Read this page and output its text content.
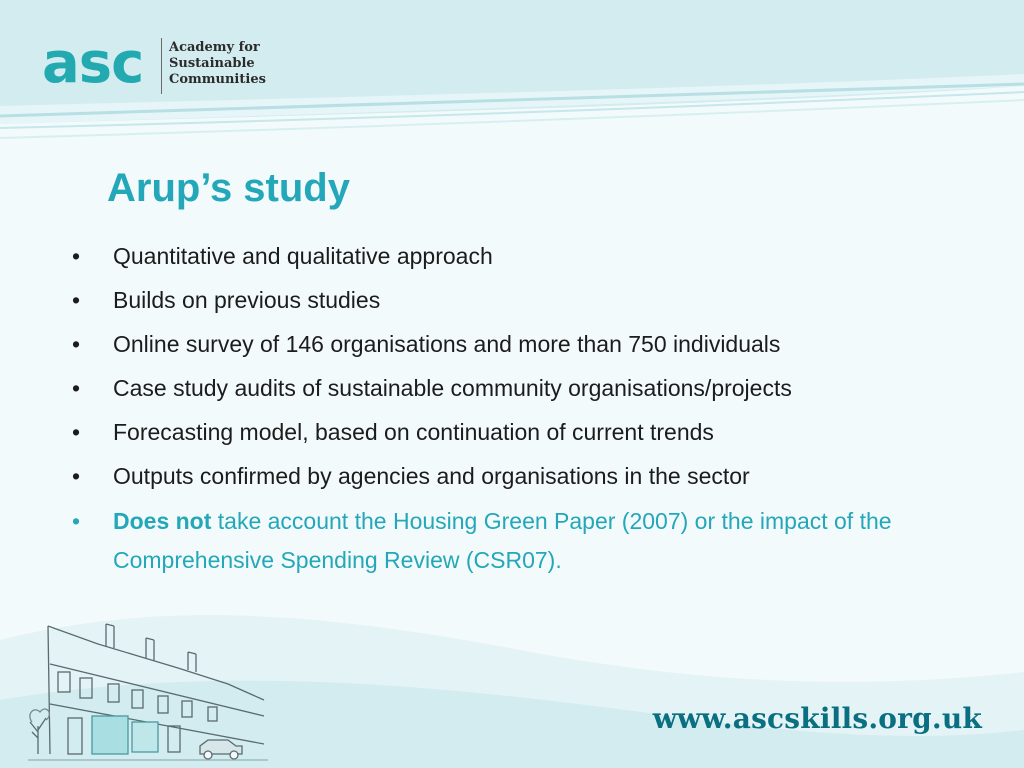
asc Academy for
Sustainable
Communities
Arup’s study
• Quantitative and qualitative approach
• Builds on previous studies
• Online survey of 146 organisations and more than 750 individuals
• Case study audits of sustainable community organisations/projects
• Forecasting model, based on continuation of current trends
• Outputs confirmed by agencies and organisations in the sector
• Does not take account the Housing Green Paper (2007) or the impact of the Comprehensive Spending Review (CSR07).
www.ascskills.org.uk
